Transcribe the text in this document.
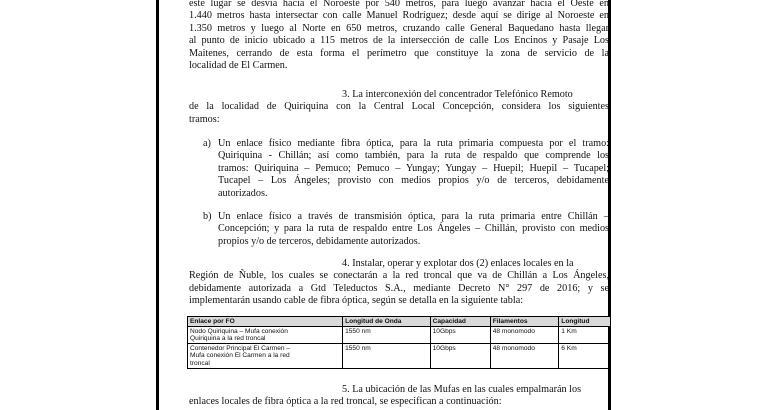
este lugar se desvía hacia el Noroeste por 540 metros, para luego avanzar hacia el Oeste en
1.440 metros hasta intersectar con calle Manuel Rodríguez; desde aquí se dirige al Noroeste en
1.350 metros y luego al Norte en 650 metros, cruzando calle General Baquedano hasta llegar
al punto de inicio ubicado a 115 metros de la intersección de calle Los Encinos y Pasaje Los
Maitenes, cerrando de esta forma el perímetro que constituye la zona de servicio de la
localidad de El Carmen.
3. La interconexión del concentrador Telefónico Remoto
de la localidad de Quiriquina con la Central Local Concepción, considera los siguientes
tramos:
a) Un enlace físico mediante fibra óptica, para la ruta primaria compuesta por el tramo:
Quiriquina - Chillán; así como también, para la ruta de respaldo que comprende los
tramos: Quiriquina – Pemuco; Pemuco – Yungay; Yungay – Huepil; Huepil – Tucapel;
Tucapel – Los Ángeles; provisto con medios propios y/o de terceros, debidamente
autorizados.
b) Un enlace físico a través de transmisión óptica, para la ruta primaria entre Chillán –
Concepción; y para la ruta de respaldo entre Los Ángeles – Chillán, provisto con medios
propios y/o de terceros, debidamente autorizados.
4. Instalar, operar y explotar dos (2) enlaces locales en la
Región de Ñuble, los cuales se conectarán a la red troncal que va de Chillán a Los Ángeles,
debidamente autorizada a Gtd Teleductos S.A., mediante Decreto N° 297 de 2016; y se
implementarán usando cable de fibra óptica, según se detalla en la siguiente tabla:
Enlace por FO	Longitud de Onda	Capacidad	Filamentos	Longitud

Nodo Quiriquina – Mufa conexión
Quiriquina a la red troncal	1550 nm	10Gbps	48 monomodo	1 Km

Contenedor Principal El Carmen –
Mufa conexión El Carmen a la red
troncal	1550 nm	10Gbps	48 monomodo	6 Km
5. La ubicación de las Mufas en las cuales empalmarán los
enlaces locales de fibra óptica a la red troncal, se especifican a continuación:
